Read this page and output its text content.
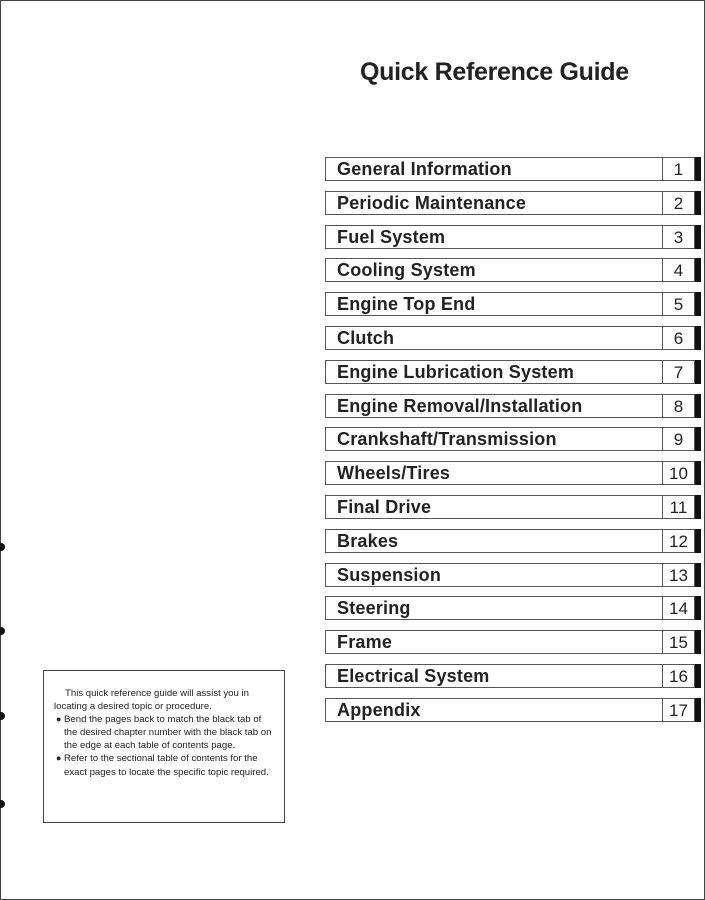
Quick Reference Guide
General Information	1
Periodic Maintenance	2
Fuel System	3
Cooling System	4
Engine Top End	5
Clutch	6
Engine Lubrication System	7
Engine Removal/Installation	8
Crankshaft/Transmission	9
Wheels/Tires	10
Final Drive	11
Brakes	12
Suspension	13
Steering	14
Frame	15
Electrical System	16
Appendix	17

This quick reference guide will assist you in locating a desired topic or procedure.

● Bend the pages back to match the black tab of the desired chapter number with the black tab on the edge at each table of contents page.

● Refer to the sectional table of contents for the exact pages to locate the specific topic required.
